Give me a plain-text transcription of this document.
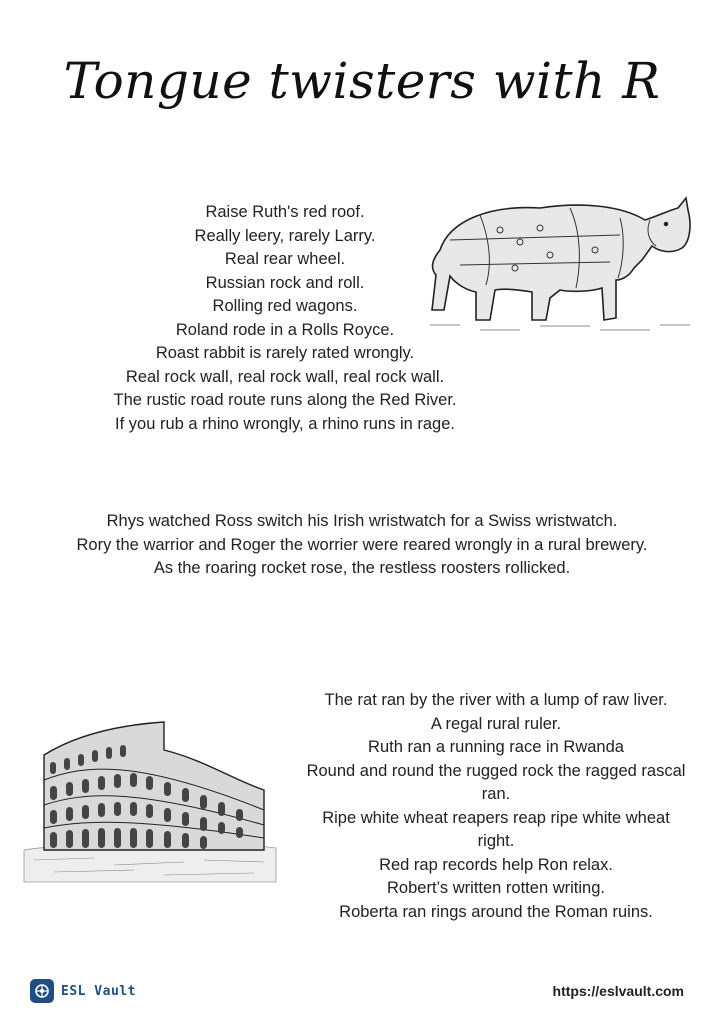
Tongue twisters with R
Raise Ruth's red roof.
Really leery, rarely Larry.
Real rear wheel.
Russian rock and roll.
Rolling red wagons.
Roland rode in a Rolls Royce.
Roast rabbit is rarely rated wrongly.
Real rock wall, real rock wall, real rock wall.
The rustic road route runs along the Red River.
If you rub a rhino wrongly, a rhino runs in rage.
Rhys watched Ross switch his Irish wristwatch for a Swiss wristwatch.
Rory the warrior and Roger the worrier were reared wrongly in a rural brewery.
As the roaring rocket rose, the restless roosters rollicked.
The rat ran by the river with a lump of raw liver.
A regal rural ruler.
Ruth ran a running race in Rwanda
Round and round the rugged rock the ragged rascal ran.
Ripe white wheat reapers reap ripe white wheat right.
Red rap records help Ron relax.
Robert’s written rotten writing.
Roberta ran rings around the Roman ruins.
ESL Vault	https://eslvault.com
